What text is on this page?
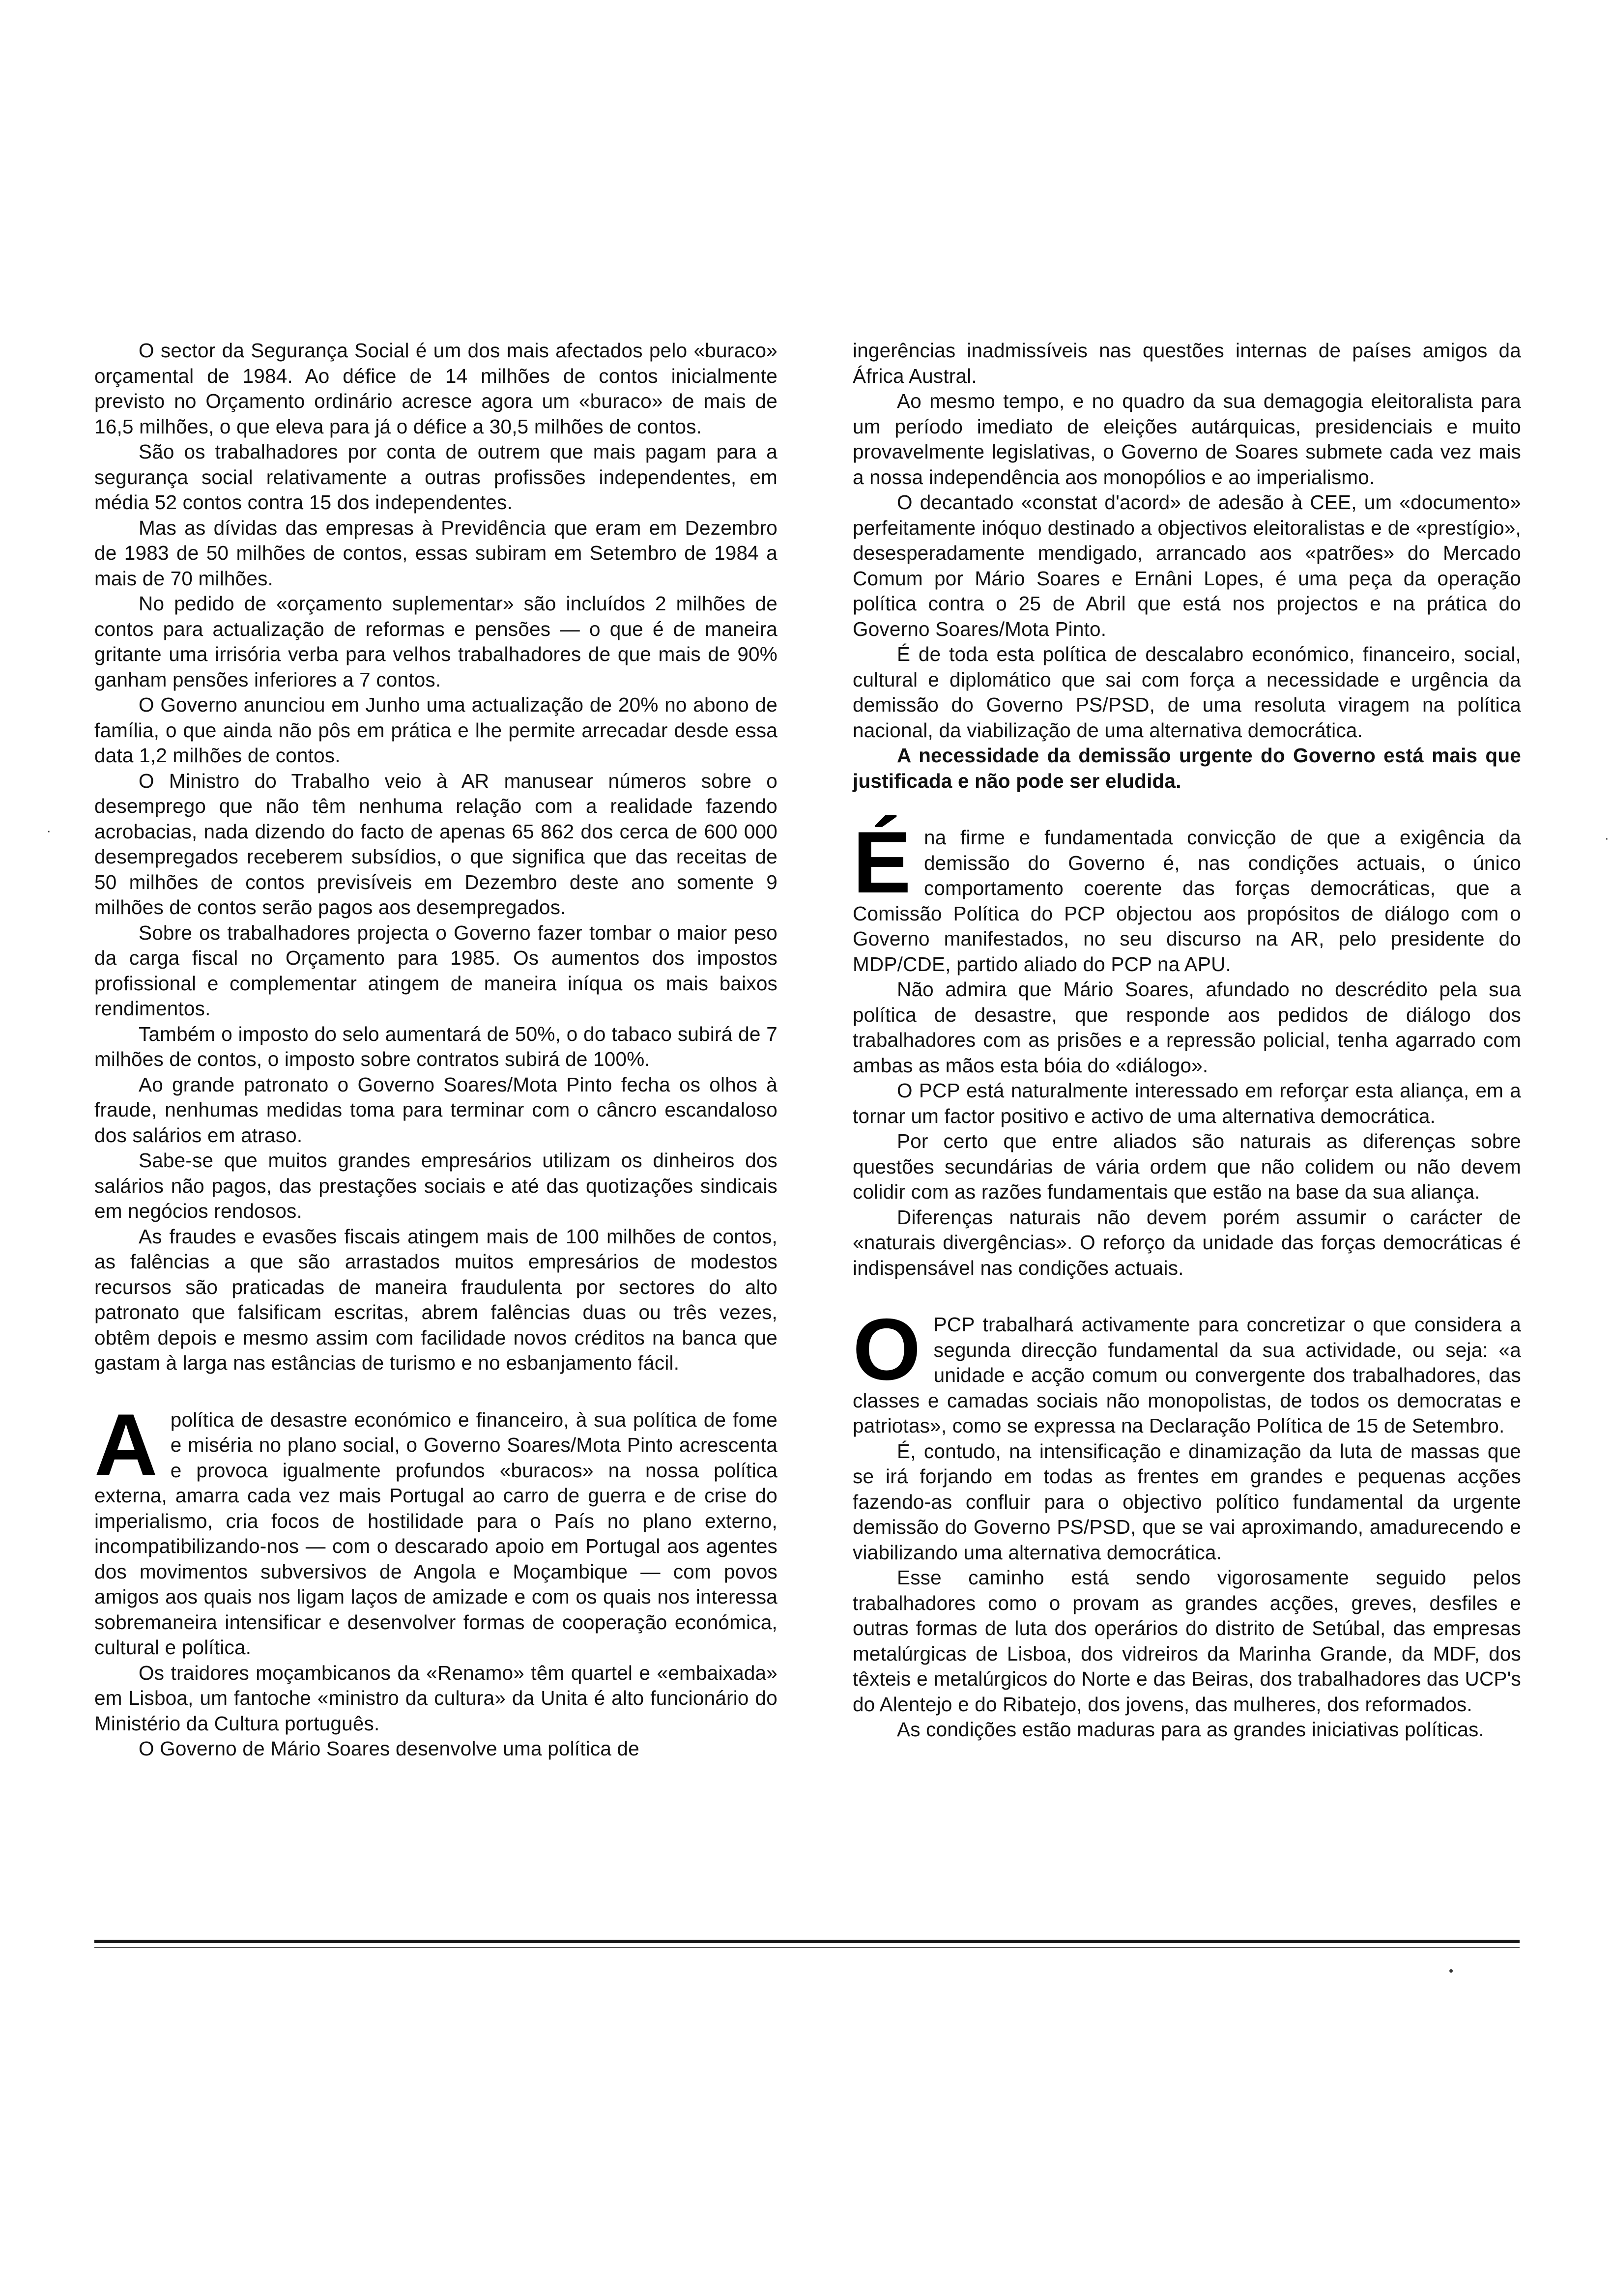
O sector da Segurança Social é um dos mais afectados pelo «buraco» orçamental de 1984. Ao défice de 14 milhões de contos inicialmente previsto no Orçamento ordinário acresce agora um «buraco» de mais de 16,5 milhões, o que eleva para já o défice a 30,5 milhões de contos.

São os trabalhadores por conta de outrem que mais pagam para a segurança social relativamente a outras profissões independentes, em média 52 contos contra 15 dos independentes.

Mas as dívidas das empresas à Previdência que eram em Dezembro de 1983 de 50 milhões de contos, essas subiram em Setembro de 1984 a mais de 70 milhões.

No pedido de «orçamento suplementar» são incluídos 2 milhões de contos para actualização de reformas e pensões — o que é de maneira gritante uma irrisória verba para velhos trabalhadores de que mais de 90% ganham pensões inferiores a 7 contos.

O Governo anunciou em Junho uma actualização de 20% no abono de família, o que ainda não pôs em prática e lhe permite arrecadar desde essa data 1,2 milhões de contos.

O Ministro do Trabalho veio à AR manusear números sobre o desemprego que não têm nenhuma relação com a realidade fazendo acrobacias, nada dizendo do facto de apenas 65 862 dos cerca de 600 000 desempregados receberem subsídios, o que significa que das receitas de 50 milhões de contos previsíveis em Dezembro deste ano somente 9 milhões de contos serão pagos aos desempregados.

Sobre os trabalhadores projecta o Governo fazer tombar o maior peso da carga fiscal no Orçamento para 1985. Os aumentos dos impostos profissional e complementar atingem de maneira iníqua os mais baixos rendimentos.

Também o imposto do selo aumentará de 50%, o do tabaco subirá de 7 milhões de contos, o imposto sobre contratos subirá de 100%.

Ao grande patronato o Governo Soares/Mota Pinto fecha os olhos à fraude, nenhumas medidas toma para terminar com o câncro escandaloso dos salários em atraso.

Sabe-se que muitos grandes empresários utilizam os dinheiros dos salários não pagos, das prestações sociais e até das quotizações sindicais em negócios rendosos.

As fraudes e evasões fiscais atingem mais de 100 milhões de contos, as falências a que são arrastados muitos empresários de modestos recursos são praticadas de maneira fraudulenta por sectores do alto patronato que falsificam escritas, abrem falências duas ou três vezes, obtêm depois e mesmo assim com facilidade novos créditos na banca que gastam à larga nas estâncias de turismo e no esbanjamento fácil.

A política de desastre económico e financeiro, à sua política de fome e miséria no plano social, o Governo Soares/Mota Pinto acrescenta e provoca igualmente profundos «buracos» na nossa política externa, amarra cada vez mais Portugal ao carro de guerra e de crise do imperialismo, cria focos de hostilidade para o País no plano externo, incompatibilizando-nos — com o descarado apoio em Portugal aos agentes dos movimentos subversivos de Angola e Moçambique — com povos amigos aos quais nos ligam laços de amizade e com os quais nos interessa sobremaneira intensificar e desenvolver formas de cooperação económica, cultural e política.

Os traidores moçambicanos da «Renamo» têm quartel e «embaixada» em Lisboa, um fantoche «ministro da cultura» da Unita é alto funcionário do Ministério da Cultura português.

O Governo de Mário Soares desenvolve uma política de

ingerências inadmissíveis nas questões internas de países amigos da África Austral.

Ao mesmo tempo, e no quadro da sua demagogia eleitoralista para um período imediato de eleições autárquicas, presidenciais e muito provavelmente legislativas, o Governo de Soares submete cada vez mais a nossa independência aos monopólios e ao imperialismo.

O decantado «constat d'acord» de adesão à CEE, um «documento» perfeitamente inóquo destinado a objectivos eleitoralistas e de «prestígio», desesperadamente mendigado, arrancado aos «patrões» do Mercado Comum por Mário Soares e Ernâni Lopes, é uma peça da operação política contra o 25 de Abril que está nos projectos e na prática do Governo Soares/Mota Pinto.

É de toda esta política de descalabro económico, financeiro, social, cultural e diplomático que sai com força a necessidade e urgência da demissão do Governo PS/PSD, de uma resoluta viragem na política nacional, da viabilização de uma alternativa democrática.

A necessidade da demissão urgente do Governo está mais que justificada e não pode ser eludida.

É na firme e fundamentada convicção de que a exigência da demissão do Governo é, nas condições actuais, o único comportamento coerente das forças democráticas, que a Comissão Política do PCP objectou aos propósitos de diálogo com o Governo manifestados, no seu discurso na AR, pelo presidente do MDP/CDE, partido aliado do PCP na APU.

Não admira que Mário Soares, afundado no descrédito pela sua política de desastre, que responde aos pedidos de diálogo dos trabalhadores com as prisões e a repressão policial, tenha agarrado com ambas as mãos esta bóia do «diálogo».

O PCP está naturalmente interessado em reforçar esta aliança, em a tornar um factor positivo e activo de uma alternativa democrática.

Por certo que entre aliados são naturais as diferenças sobre questões secundárias de vária ordem que não colidem ou não devem colidir com as razões fundamentais que estão na base da sua aliança.

Diferenças naturais não devem porém assumir o carácter de «naturais divergências». O reforço da unidade das forças democráticas é indispensável nas condições actuais.

O PCP trabalhará activamente para concretizar o que considera a segunda direcção fundamental da sua actividade, ou seja: «a unidade e acção comum ou convergente dos trabalhadores, das classes e camadas sociais não monopolistas, de todos os democratas e patriotas», como se expressa na Declaração Política de 15 de Setembro.

É, contudo, na intensificação e dinamização da luta de massas que se irá forjando em todas as frentes em grandes e pequenas acções fazendo-as confluir para o objectivo político fundamental da urgente demissão do Governo PS/PSD, que se vai aproximando, amadurecendo e viabilizando uma alternativa democrática.

Esse caminho está sendo vigorosamente seguido pelos trabalhadores como o provam as grandes acções, greves, desfiles e outras formas de luta dos operários do distrito de Setúbal, das empresas metalúrgicas de Lisboa, dos vidreiros da Marinha Grande, da MDF, dos têxteis e metalúrgicos do Norte e das Beiras, dos trabalhadores das UCP's do Alentejo e do Ribatejo, dos jovens, das mulheres, dos reformados.

As condições estão maduras para as grandes iniciativas políticas.

•
·
·
